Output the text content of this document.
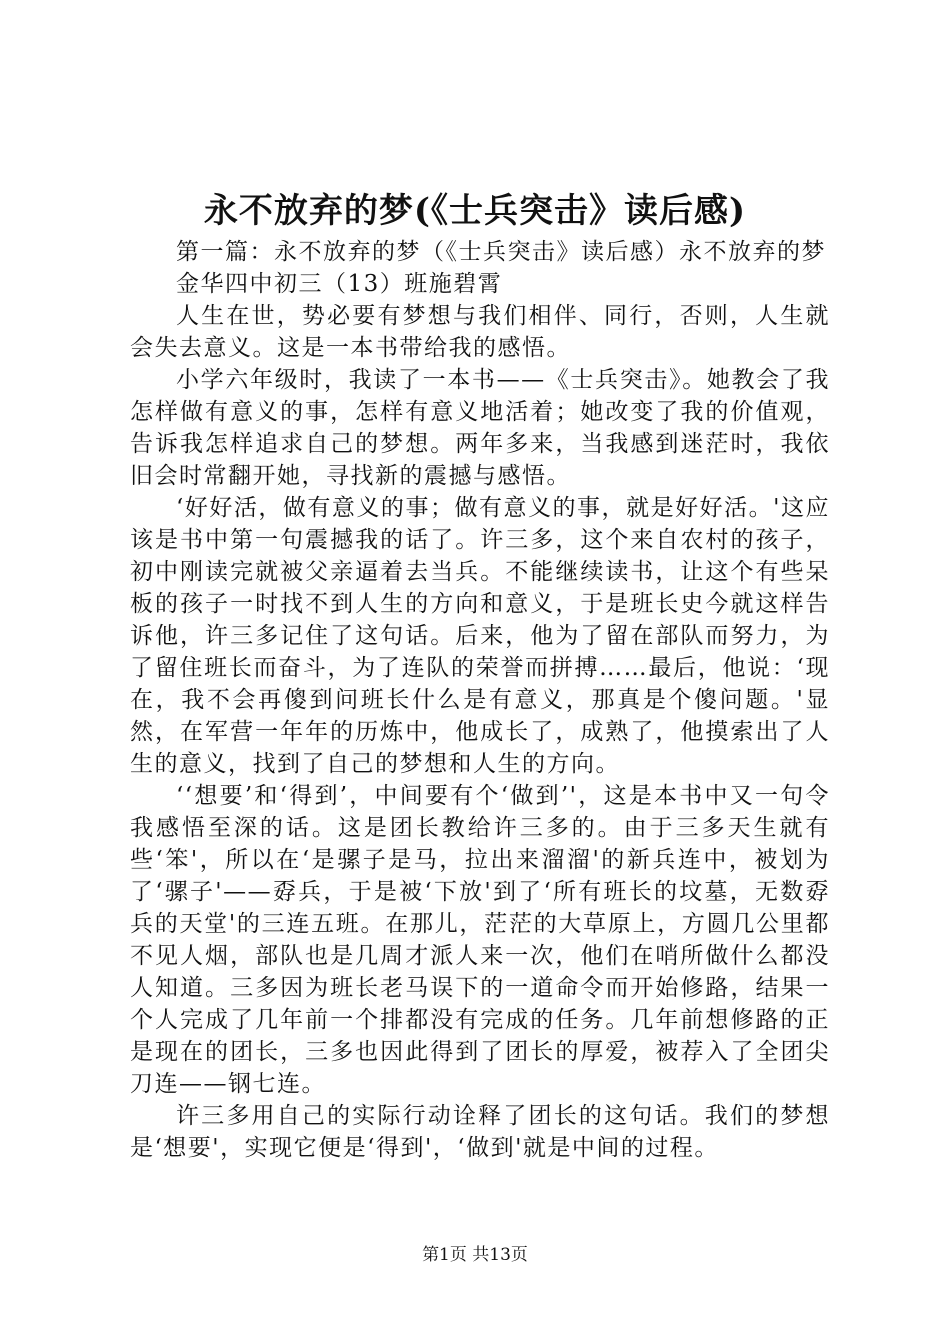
永不放弃的梦(《士兵突击》读后感)

第一篇：永不放弃的梦（《士兵突击》读后感）永不放弃的梦

金华四中初三（13）班施碧霄

人生在世，势必要有梦想与我们相伴、同行，否则，人生就会失去意义。这是一本书带给我的感悟。

小学六年级时，我读了一本书——《士兵突击》。她教会了我怎样做有意义的事，怎样有意义地活着；她改变了我的价值观，告诉我怎样追求自己的梦想。两年多来，当我感到迷茫时，我依旧会时常翻开她，寻找新的震撼与感悟。

‘好好活，做有意义的事；做有意义的事，就是好好活。'这应该是书中第一句震撼我的话了。许三多，这个来自农村的孩子，初中刚读完就被父亲逼着去当兵。不能继续读书，让这个有些呆板的孩子一时找不到人生的方向和意义，于是班长史今就这样告诉他，许三多记住了这句话。后来，他为了留在部队而努力，为了留住班长而奋斗，为了连队的荣誉而拼搏……最后，他说：‘现在，我不会再傻到问班长什么是有意义，那真是个傻问题。'显然，在军营一年年的历炼中，他成长了，成熟了，他摸索出了人生的意义，找到了自己的梦想和人生的方向。

‘‘想要’和‘得到’，中间要有个‘做到’'，这是本书中又一句令我感悟至深的话。这是团长教给许三多的。由于三多天生就有些‘笨'，所以在‘是骡子是马，拉出来溜溜'的新兵连中，被划为了‘骡子'——孬兵，于是被‘下放'到了‘所有班长的坟墓，无数孬兵的天堂'的三连五班。在那儿，茫茫的大草原上，方圆几公里都不见人烟，部队也是几周才派人来一次，他们在哨所做什么都没人知道。三多因为班长老马误下的一道命令而开始修路，结果一个人完成了几年前一个排都没有完成的任务。几年前想修路的正是现在的团长，三多也因此得到了团长的厚爱，被荐入了全团尖刀连——钢七连。

许三多用自己的实际行动诠释了团长的这句话。我们的梦想是‘想要'，实现它便是‘得到'，‘做到'就是中间的过程。

第1页 共13页
